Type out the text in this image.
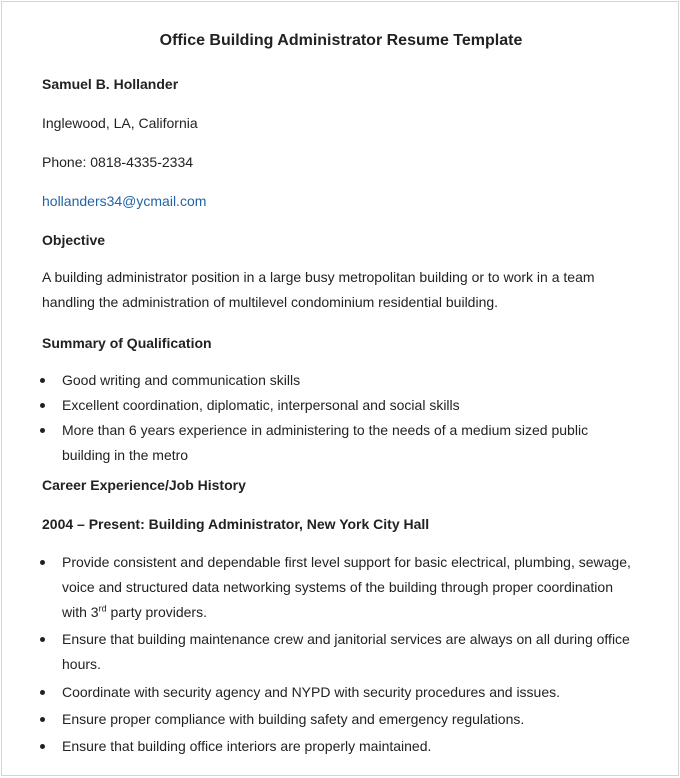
Office Building Administrator Resume Template

Samuel B. Hollander

Inglewood, LA, California

Phone: 0818-4335-2334

hollanders34@ycmail.com

Objective

A building administrator position in a large busy metropolitan building or to work in a team handling the administration of multilevel condominium residential building.

Summary of Qualification

Good writing and communication skills
Excellent coordination, diplomatic, interpersonal and social skills
More than 6 years experience in administering to the needs of a medium sized public building in the metro

Career Experience/Job History

2004 – Present: Building Administrator, New York City Hall

Provide consistent and dependable first level support for basic electrical, plumbing, sewage, voice and structured data networking systems of the building through proper coordination with 3rd party providers.
Ensure that building maintenance crew and janitorial services are always on all during office hours.
Coordinate with security agency and NYPD with security procedures and issues.
Ensure proper compliance with building safety and emergency regulations.
Ensure that building office interiors are properly maintained.
